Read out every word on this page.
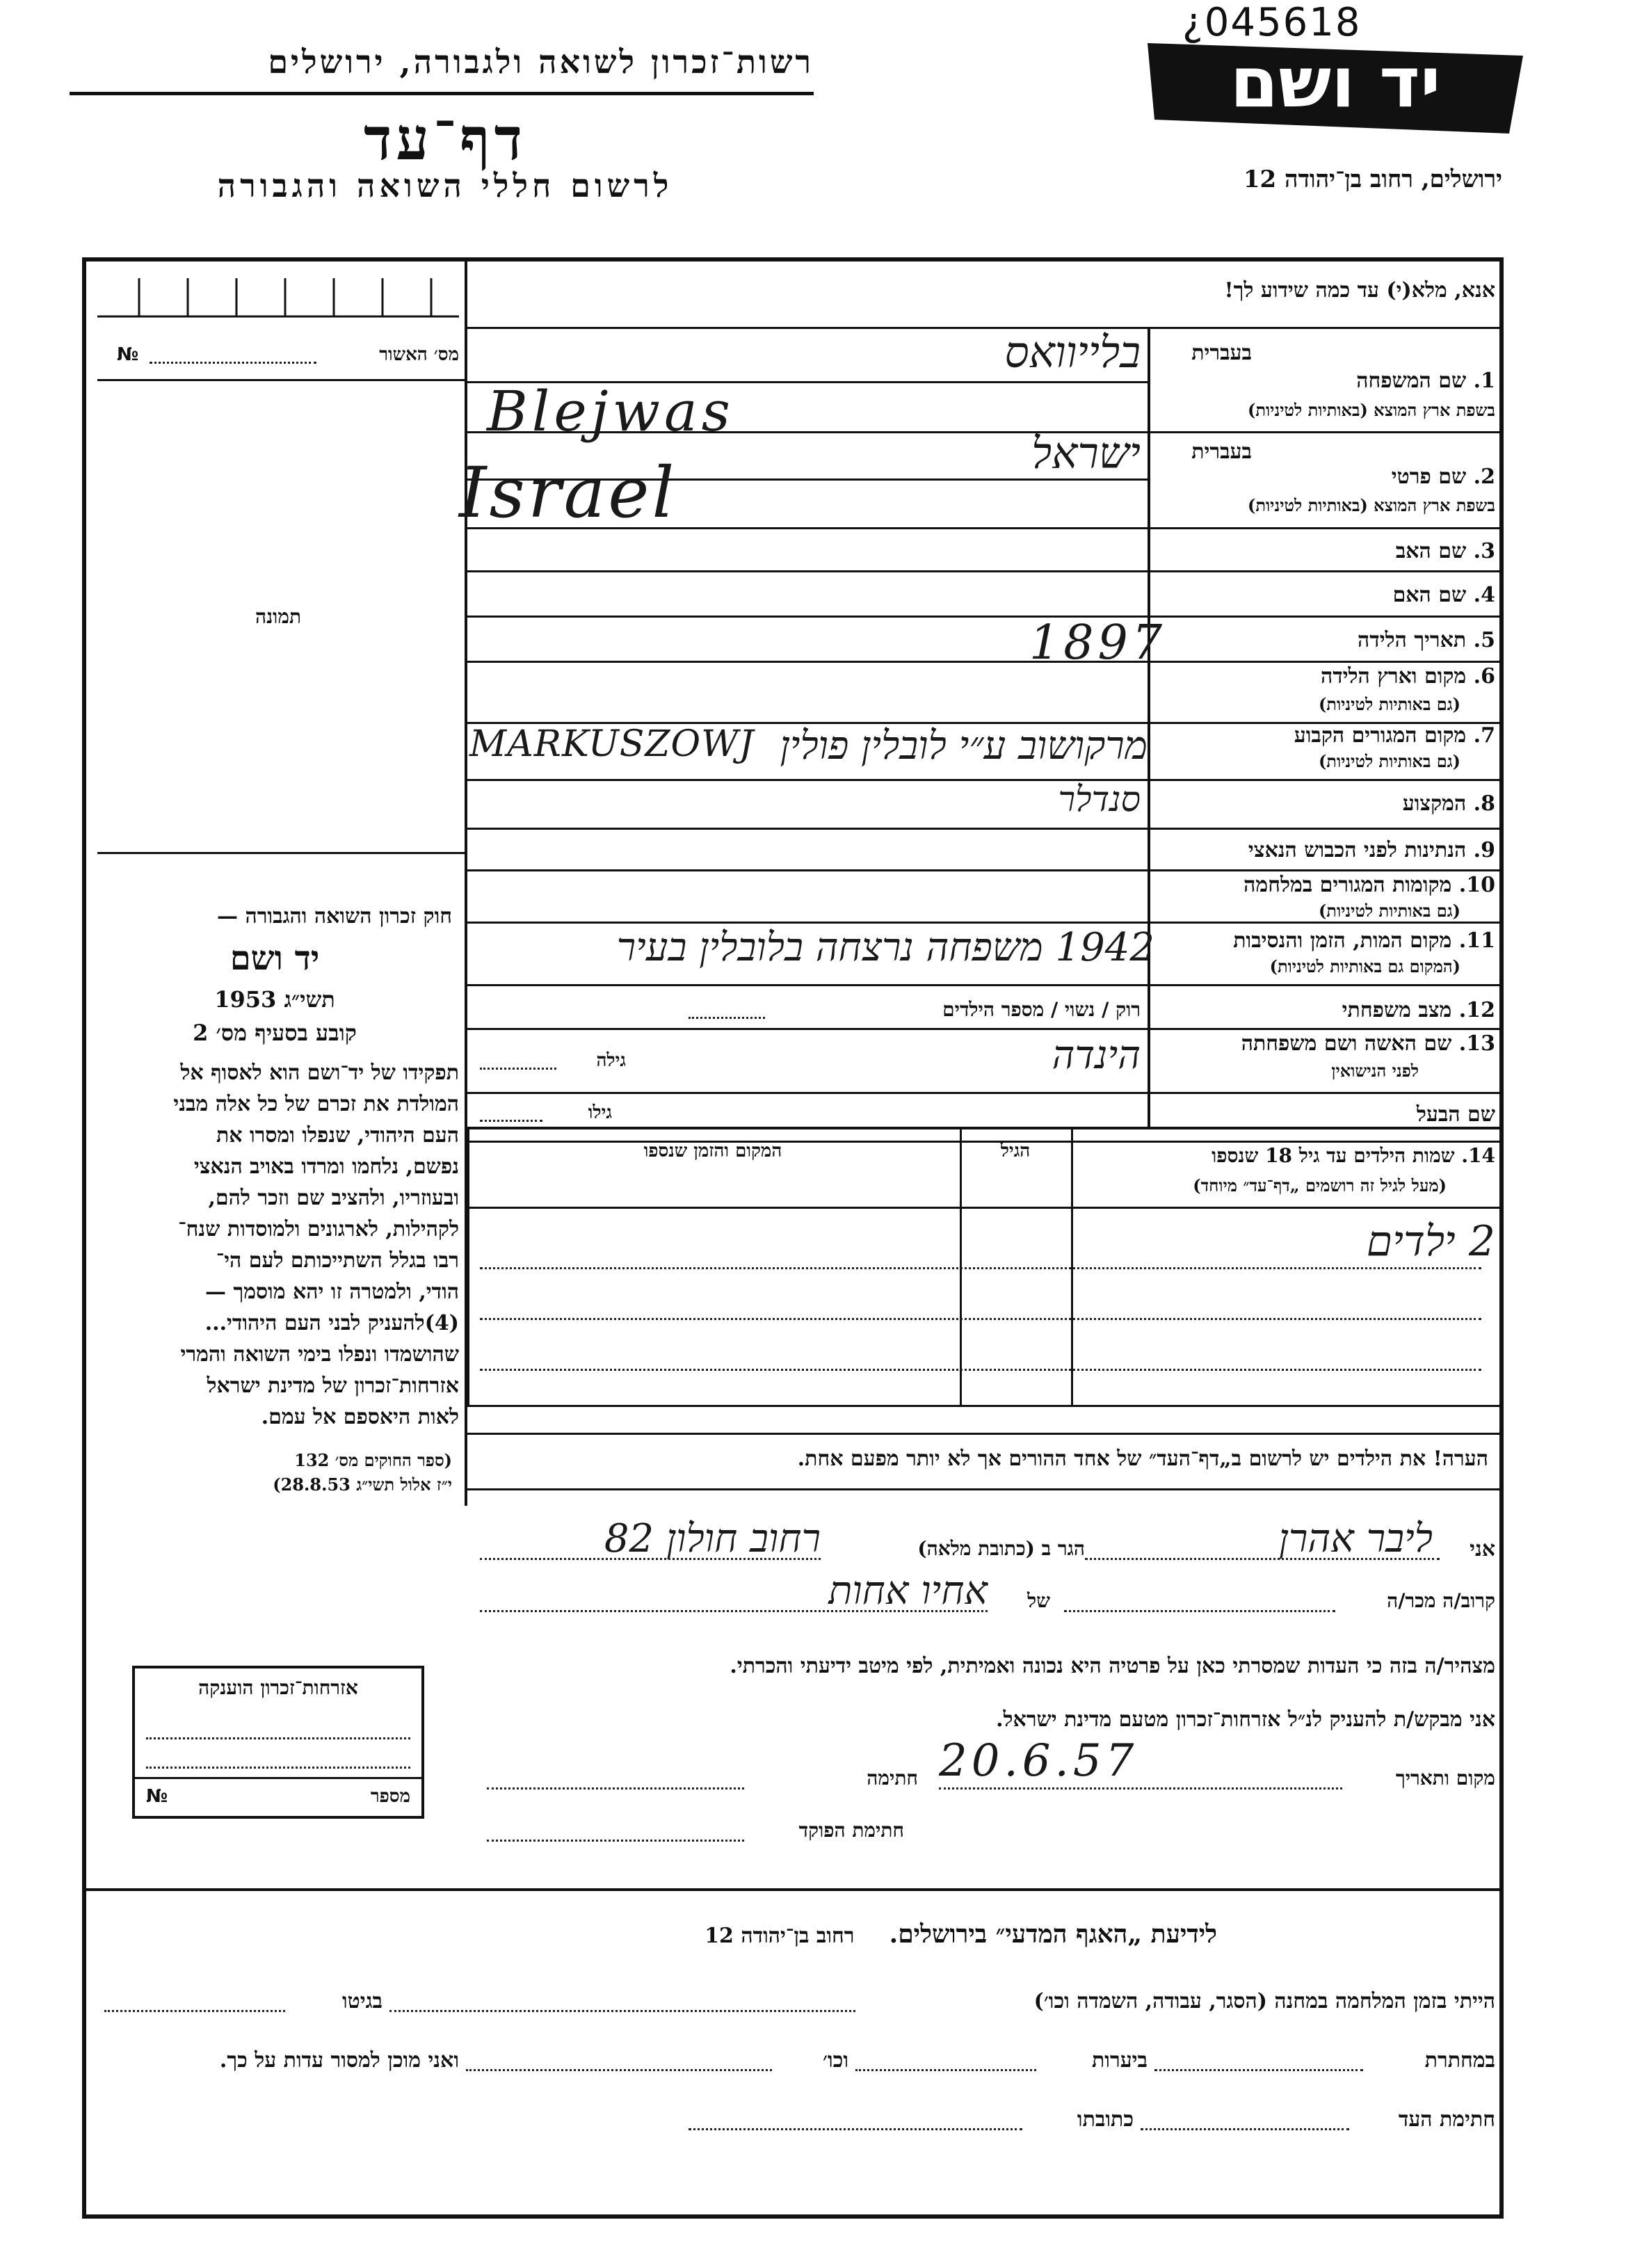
¿045618
רשות־זכרון לשואה ולגבורה, ירושלים
דף־עד
לרשום חללי השואה והגבורה
יד ושם
ירושלים, רחוב בן־יהודה 12
אנא, מלא(י) עד כמה שידוע לך!
מס׳ האשור
№
תמונה
חוק זכרון השואה והגבורה —
יד ושם
תשי״ג 1953
קובע בסעיף מס׳ 2
תפקידו של יד־ושם הוא לאסוף אל
המולדת את זכרם של כל אלה מבני
העם היהודי, שנפלו ומסרו את
נפשם, נלחמו ומרדו באויב הנאצי
ובעוזריו, ולהציב שם וזכר להם,
לקהילות, לארגונים ולמוסדות שנח־
רבו בגלל השתייכותם לעם הי־
הודי, ולמטרה זו יהא מוסמך —
(4)להעניק לבני העם היהודי...
שהושמדו ונפלו בימי השואה והמרי
אזרחות־זכרון של מדינת ישראל
לאות היאספם אל עמם.
(ספר החוקים מס׳ 132
י״ז אלול תשי״ג 28.8.53)
בעברית
1. שם המשפחה
בשפת ארץ המוצא (באותיות לטיניות)
בעברית
2. שם פרטי
בשפת ארץ המוצא (באותיות לטיניות)
3. שם האב
4. שם האם
5. תאריך הלידה
6. מקום וארץ הלידה
(גם באותיות לטיניות)
7. מקום המגורים הקבוע
(גם באותיות לטיניות)
8. המקצוע
9. הנתינות לפני הכבוש הנאצי
10. מקומות המגורים במלחמה
(גם באותיות לטיניות)
11. מקום המות, הזמן והנסיבות
(המקום גם באותיות לטיניות)
12. מצב משפחתי
13. שם האשה ושם משפחתה
לפני הנישואין
שם הבעל
רוק / נשוי / מספר הילדים
גילה
גילו
14. שמות הילדים עד גיל 18 שנספו
(מעל לגיל זה רושמים „דף־עד״ מיוחד)
הגיל
המקום והזמן שנספו
הערה! את הילדים יש לרשום ב„דף־העד״ של אחד ההורים אך לא יותר מפעם אחת.
אני
הגר ב (כתובת מלאה)
קרוב/ה מכר/ה
של
מצהיר/ה בזה כי העדות שמסרתי כאן על פרטיה היא נכונה ואמיתית, לפי מיטב ידיעתי והכרתי.
אני מבקש/ת להעניק לנ״ל אזרחות־זכרון מטעם מדינת ישראל.
מקום ותאריך
חתימה
חתימת הפוקד
אזרחות־זכרון הוענקה
מספר
№
לידיעת „האגף המדעי״ בירושלים.    רחוב בן־יהודה 12
הייתי בזמן המלחמה במחנה (הסגר, עבודה, השמדה וכו׳)
בגיטו
במחתרת
ביערות
וכו׳
ואני מוכן למסור עדות על כך.
חתימת העד
כתובתו
בלייוואס
Blejwas
ישראל
Israel
1897
MARKUSZOWJ מרקושוב ע״י לובלין פולין
סנדלר
1942 משפחה נרצחה בלובלין בעיר
הינדה
2 ילדים
ליבר אהרן
רחוב חולון 82
אחיו אחות
20.6.57
